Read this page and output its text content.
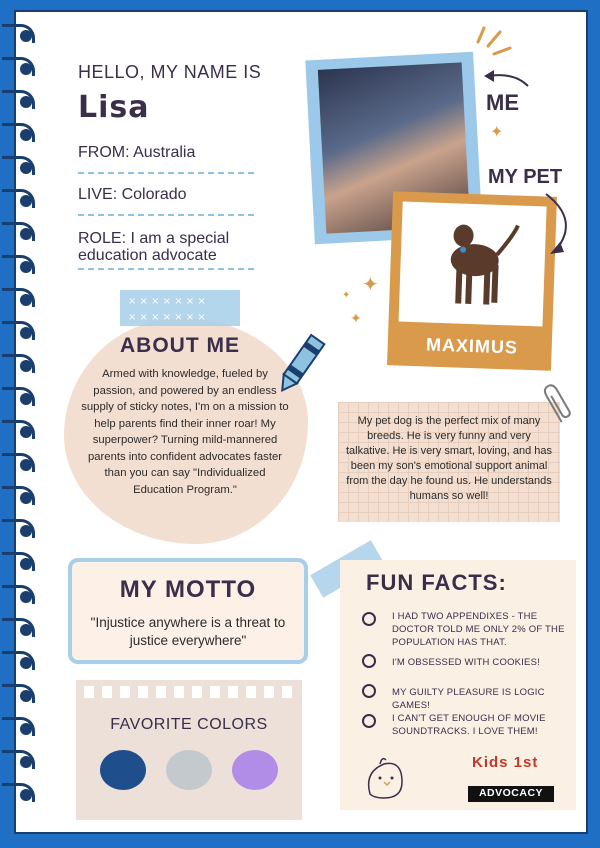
HELLO, MY NAME IS
Lisa
FROM: Australia
LIVE: Colorado
ROLE: I am a special
education advocate
× × × × × × ×
× × × × × × ×
ABOUT ME
Armed with knowledge, fueled by passion, and powered by an endless supply of sticky notes, I'm on a mission to help parents find their inner roar! My superpower? Turning mild-mannered parents into confident advocates faster than you can say "Individualized Education Program."
MAXIMUS
ME
MY PET
✦
✦
✦
✦
My pet dog is the perfect mix of many breeds. He is very funny and very talkative. He is very smart, loving, and has been my son's emotional support animal from the day he found us. He understands humans so well!
MY MOTTO
"Injustice anywhere is a threat to justice everywhere"
FAVORITE COLORS
FUN FACTS:
I HAD TWO APPENDIXES - THE DOCTOR TOLD ME ONLY 2% OF THE POPULATION HAS THAT.
I'M OBSESSED WITH COOKIES!
MY GUILTY PLEASURE IS LOGIC GAMES!
I CAN'T GET ENOUGH OF MOVIE SOUNDTRACKS. I LOVE THEM!
Kids 1st
ADVOCACY
